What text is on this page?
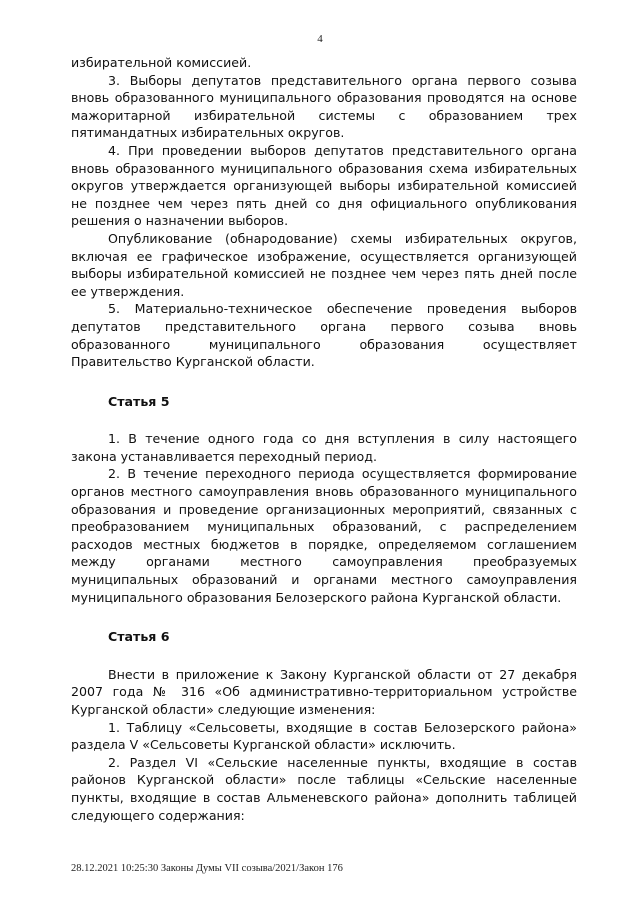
4

избирательной комиссией.

3. Выборы депутатов представительного органа первого созыва вновь образованного муниципального образования проводятся на основе мажоритарной избирательной системы с образованием трех пятимандатных избирательных округов.

4. При проведении выборов депутатов представительного органа вновь образованного муниципального образования схема избирательных округов утверждается организующей выборы избирательной комиссией не позднее чем через пять дней со дня официального опубликования решения о назначении выборов.

Опубликование (обнародование) схемы избирательных округов, включая ее графическое изображение, осуществляется организующей выборы избирательной комиссией не позднее чем через пять дней после ее утверждения.

5. Материально-техническое обеспечение проведения выборов депутатов представительного органа первого созыва вновь образованного муниципального образования осуществляет Правительство Курганской области.

Статья 5

1. В течение одного года со дня вступления в силу настоящего закона устанавливается переходный период.

2. В течение переходного периода осуществляется формирование органов местного самоуправления вновь образованного муниципального образования и проведение организационных мероприятий, связанных с преобразованием муниципальных образований, с распределением расходов местных бюджетов в порядке, определяемом соглашением между органами местного самоуправления преобразуемых муниципальных образований и органами местного самоуправления муниципального образования Белозерского района Курганской области.

Статья 6

Внести в приложение к Закону Курганской области от 27 декабря 2007 года № 316 «Об административно-территориальном устройстве Курганской области» следующие изменения:

1. Таблицу «Сельсоветы, входящие в состав Белозерского района» раздела V «Сельсоветы Курганской области» исключить.

2. Раздел VI «Сельские населенные пункты, входящие в состав районов Курганской области» после таблицы «Сельские населенные пункты, входящие в состав Альменевского района» дополнить таблицей следующего содержания:

28.12.2021 10:25:30 Законы Думы VII созыва/2021/Закон 176
